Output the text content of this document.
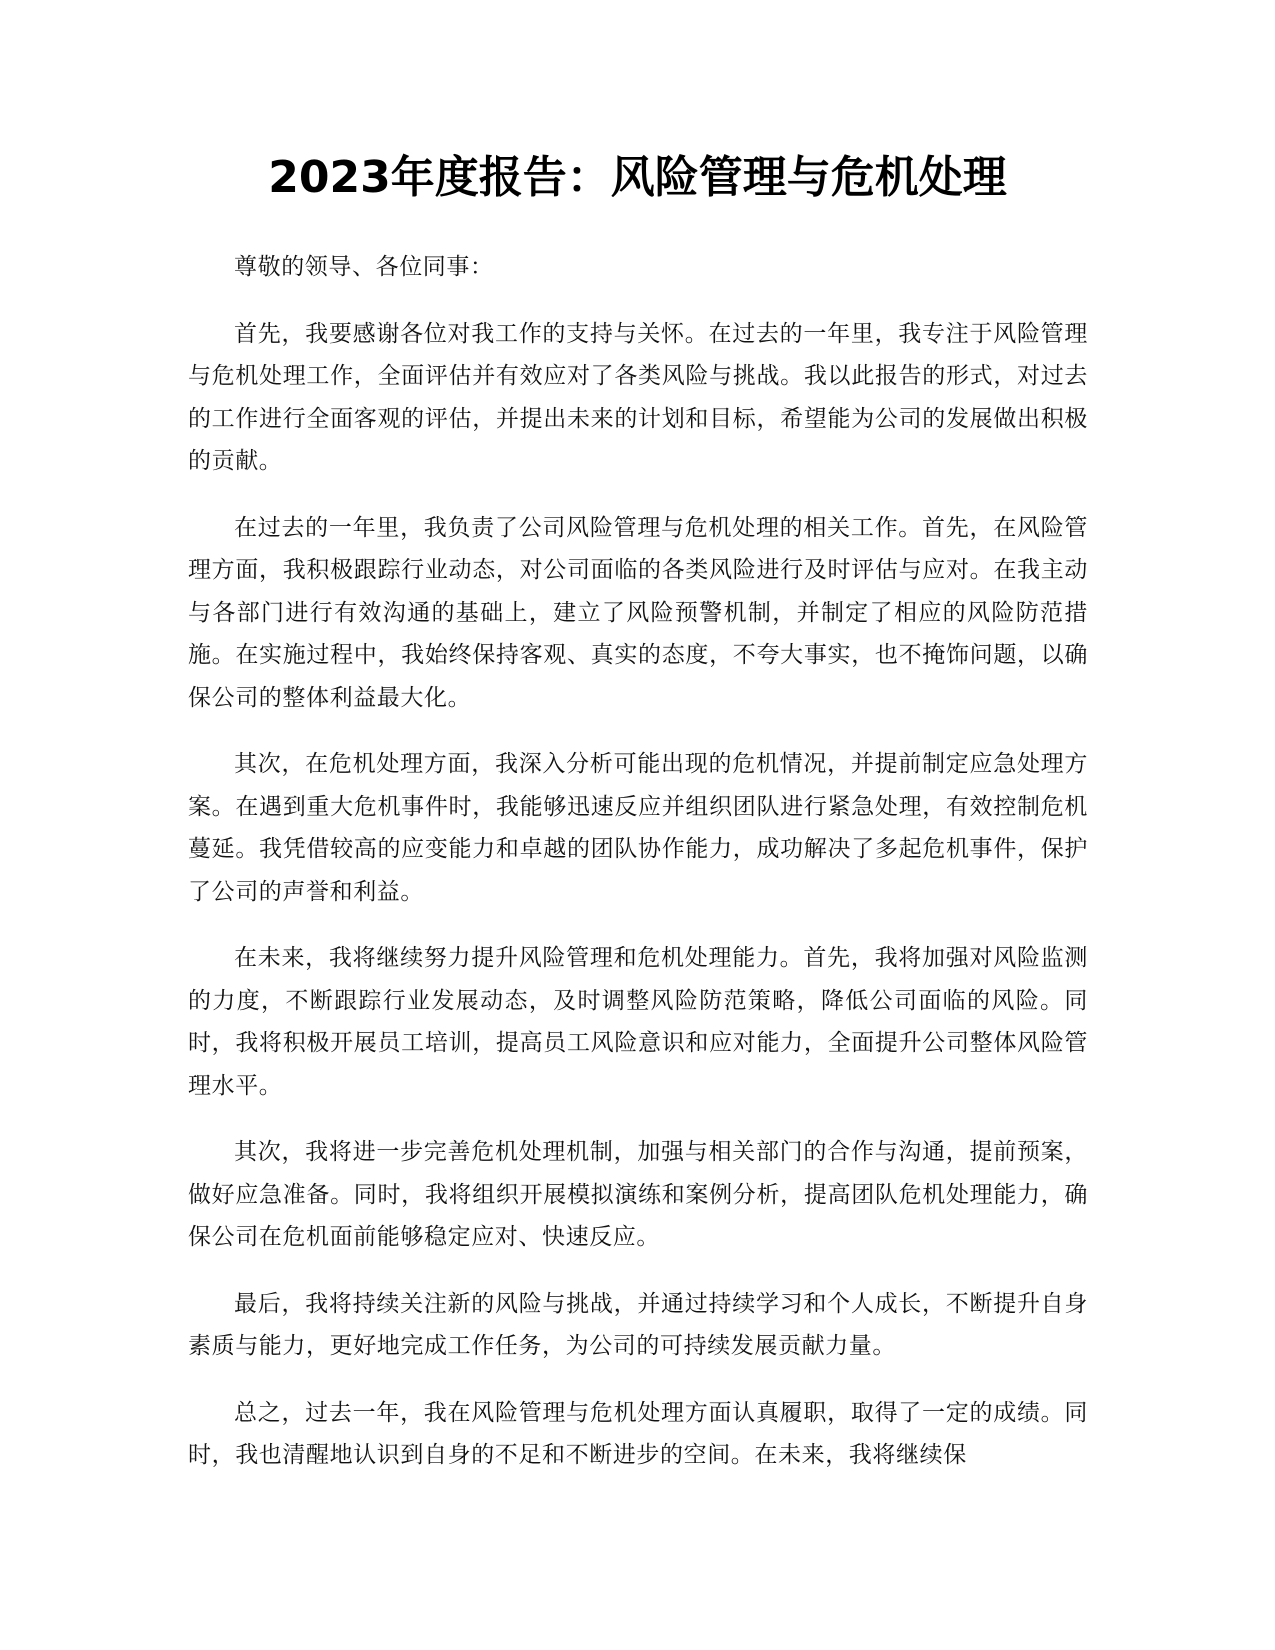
2023年度报告：风险管理与危机处理

尊敬的领导、各位同事：

首先，我要感谢各位对我工作的支持与关怀。在过去的一年里，我专注于风险管理与危机处理工作，全面评估并有效应对了各类风险与挑战。我以此报告的形式，对过去的工作进行全面客观的评估，并提出未来的计划和目标，希望能为公司的发展做出积极的贡献。

在过去的一年里，我负责了公司风险管理与危机处理的相关工作。首先，在风险管理方面，我积极跟踪行业动态，对公司面临的各类风险进行及时评估与应对。在我主动与各部门进行有效沟通的基础上，建立了风险预警机制，并制定了相应的风险防范措施。在实施过程中，我始终保持客观、真实的态度，不夸大事实，也不掩饰问题，以确保公司的整体利益最大化。

其次，在危机处理方面，我深入分析可能出现的危机情况，并提前制定应急处理方案。在遇到重大危机事件时，我能够迅速反应并组织团队进行紧急处理，有效控制危机蔓延。我凭借较高的应变能力和卓越的团队协作能力，成功解决了多起危机事件，保护了公司的声誉和利益。

在未来，我将继续努力提升风险管理和危机处理能力。首先，我将加强对风险监测的力度，不断跟踪行业发展动态，及时调整风险防范策略，降低公司面临的风险。同时，我将积极开展员工培训，提高员工风险意识和应对能力，全面提升公司整体风险管理水平。

其次，我将进一步完善危机处理机制，加强与相关部门的合作与沟通，提前预案，做好应急准备。同时，我将组织开展模拟演练和案例分析，提高团队危机处理能力，确保公司在危机面前能够稳定应对、快速反应。

最后，我将持续关注新的风险与挑战，并通过持续学习和个人成长，不断提升自身素质与能力，更好地完成工作任务，为公司的可持续发展贡献力量。

总之，过去一年，我在风险管理与危机处理方面认真履职，取得了一定的成绩。同时，我也清醒地认识到自身的不足和不断进步的空间。在未来，我将继续保
